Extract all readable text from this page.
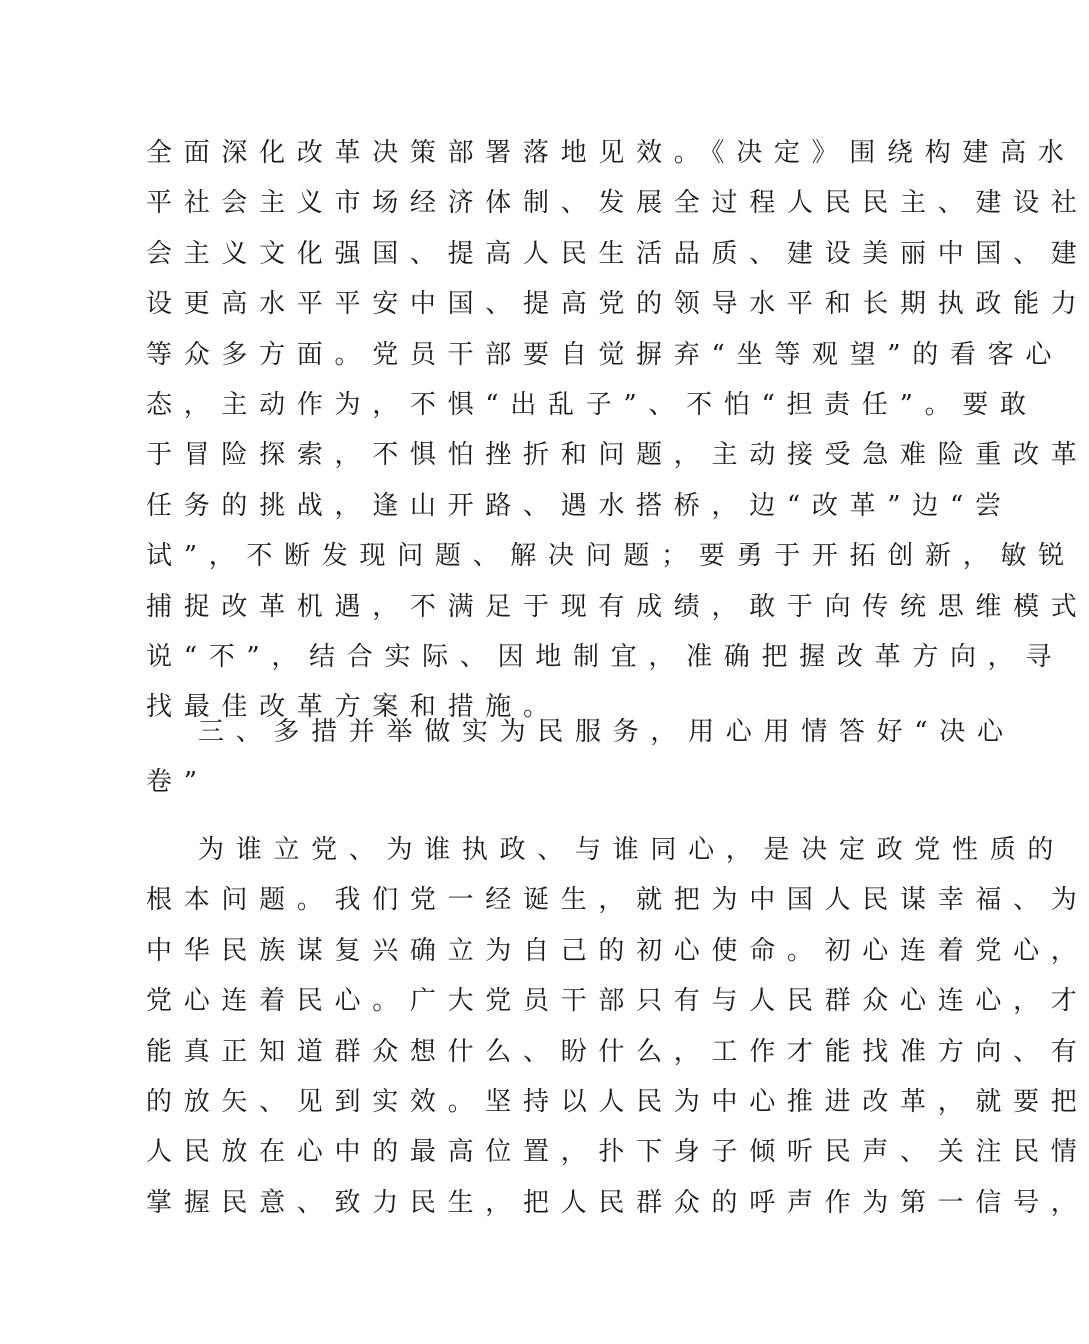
全面深化改革决策部署落地见效。《决定》围绕构建高水
平社会主义市场经济体制、发展全过程人民民主、建设社
会主义文化强国、提高人民生活品质、建设美丽中国、建
设更高水平平安中国、提高党的领导水平和长期执政能力
等众多方面。党员干部要自觉摒弃“坐等观望”的看客心
态，主动作为，不惧“出乱子”、不怕“担责任”。要敢
于冒险探索，不惧怕挫折和问题，主动接受急难险重改革
任务的挑战，逢山开路、遇水搭桥，边“改革”边“尝
试”，不断发现问题、解决问题；要勇于开拓创新，敏锐
捕捉改革机遇，不满足于现有成绩，敢于向传统思维模式
说“不”，结合实际、因地制宜，准确把握改革方向，寻
找最佳改革方案和措施。
三、多措并举做实为民服务，用心用情答好“决心
卷”
为谁立党、为谁执政、与谁同心，是决定政党性质的
根本问题。我们党一经诞生，就把为中国人民谋幸福、为
中华民族谋复兴确立为自己的初心使命。初心连着党心，
党心连着民心。广大党员干部只有与人民群众心连心，才
能真正知道群众想什么、盼什么，工作才能找准方向、有
的放矢、见到实效。坚持以人民为中心推进改革，就要把
人民放在心中的最高位置，扑下身子倾听民声、关注民情
掌握民意、致力民生，把人民群众的呼声作为第一信号，
